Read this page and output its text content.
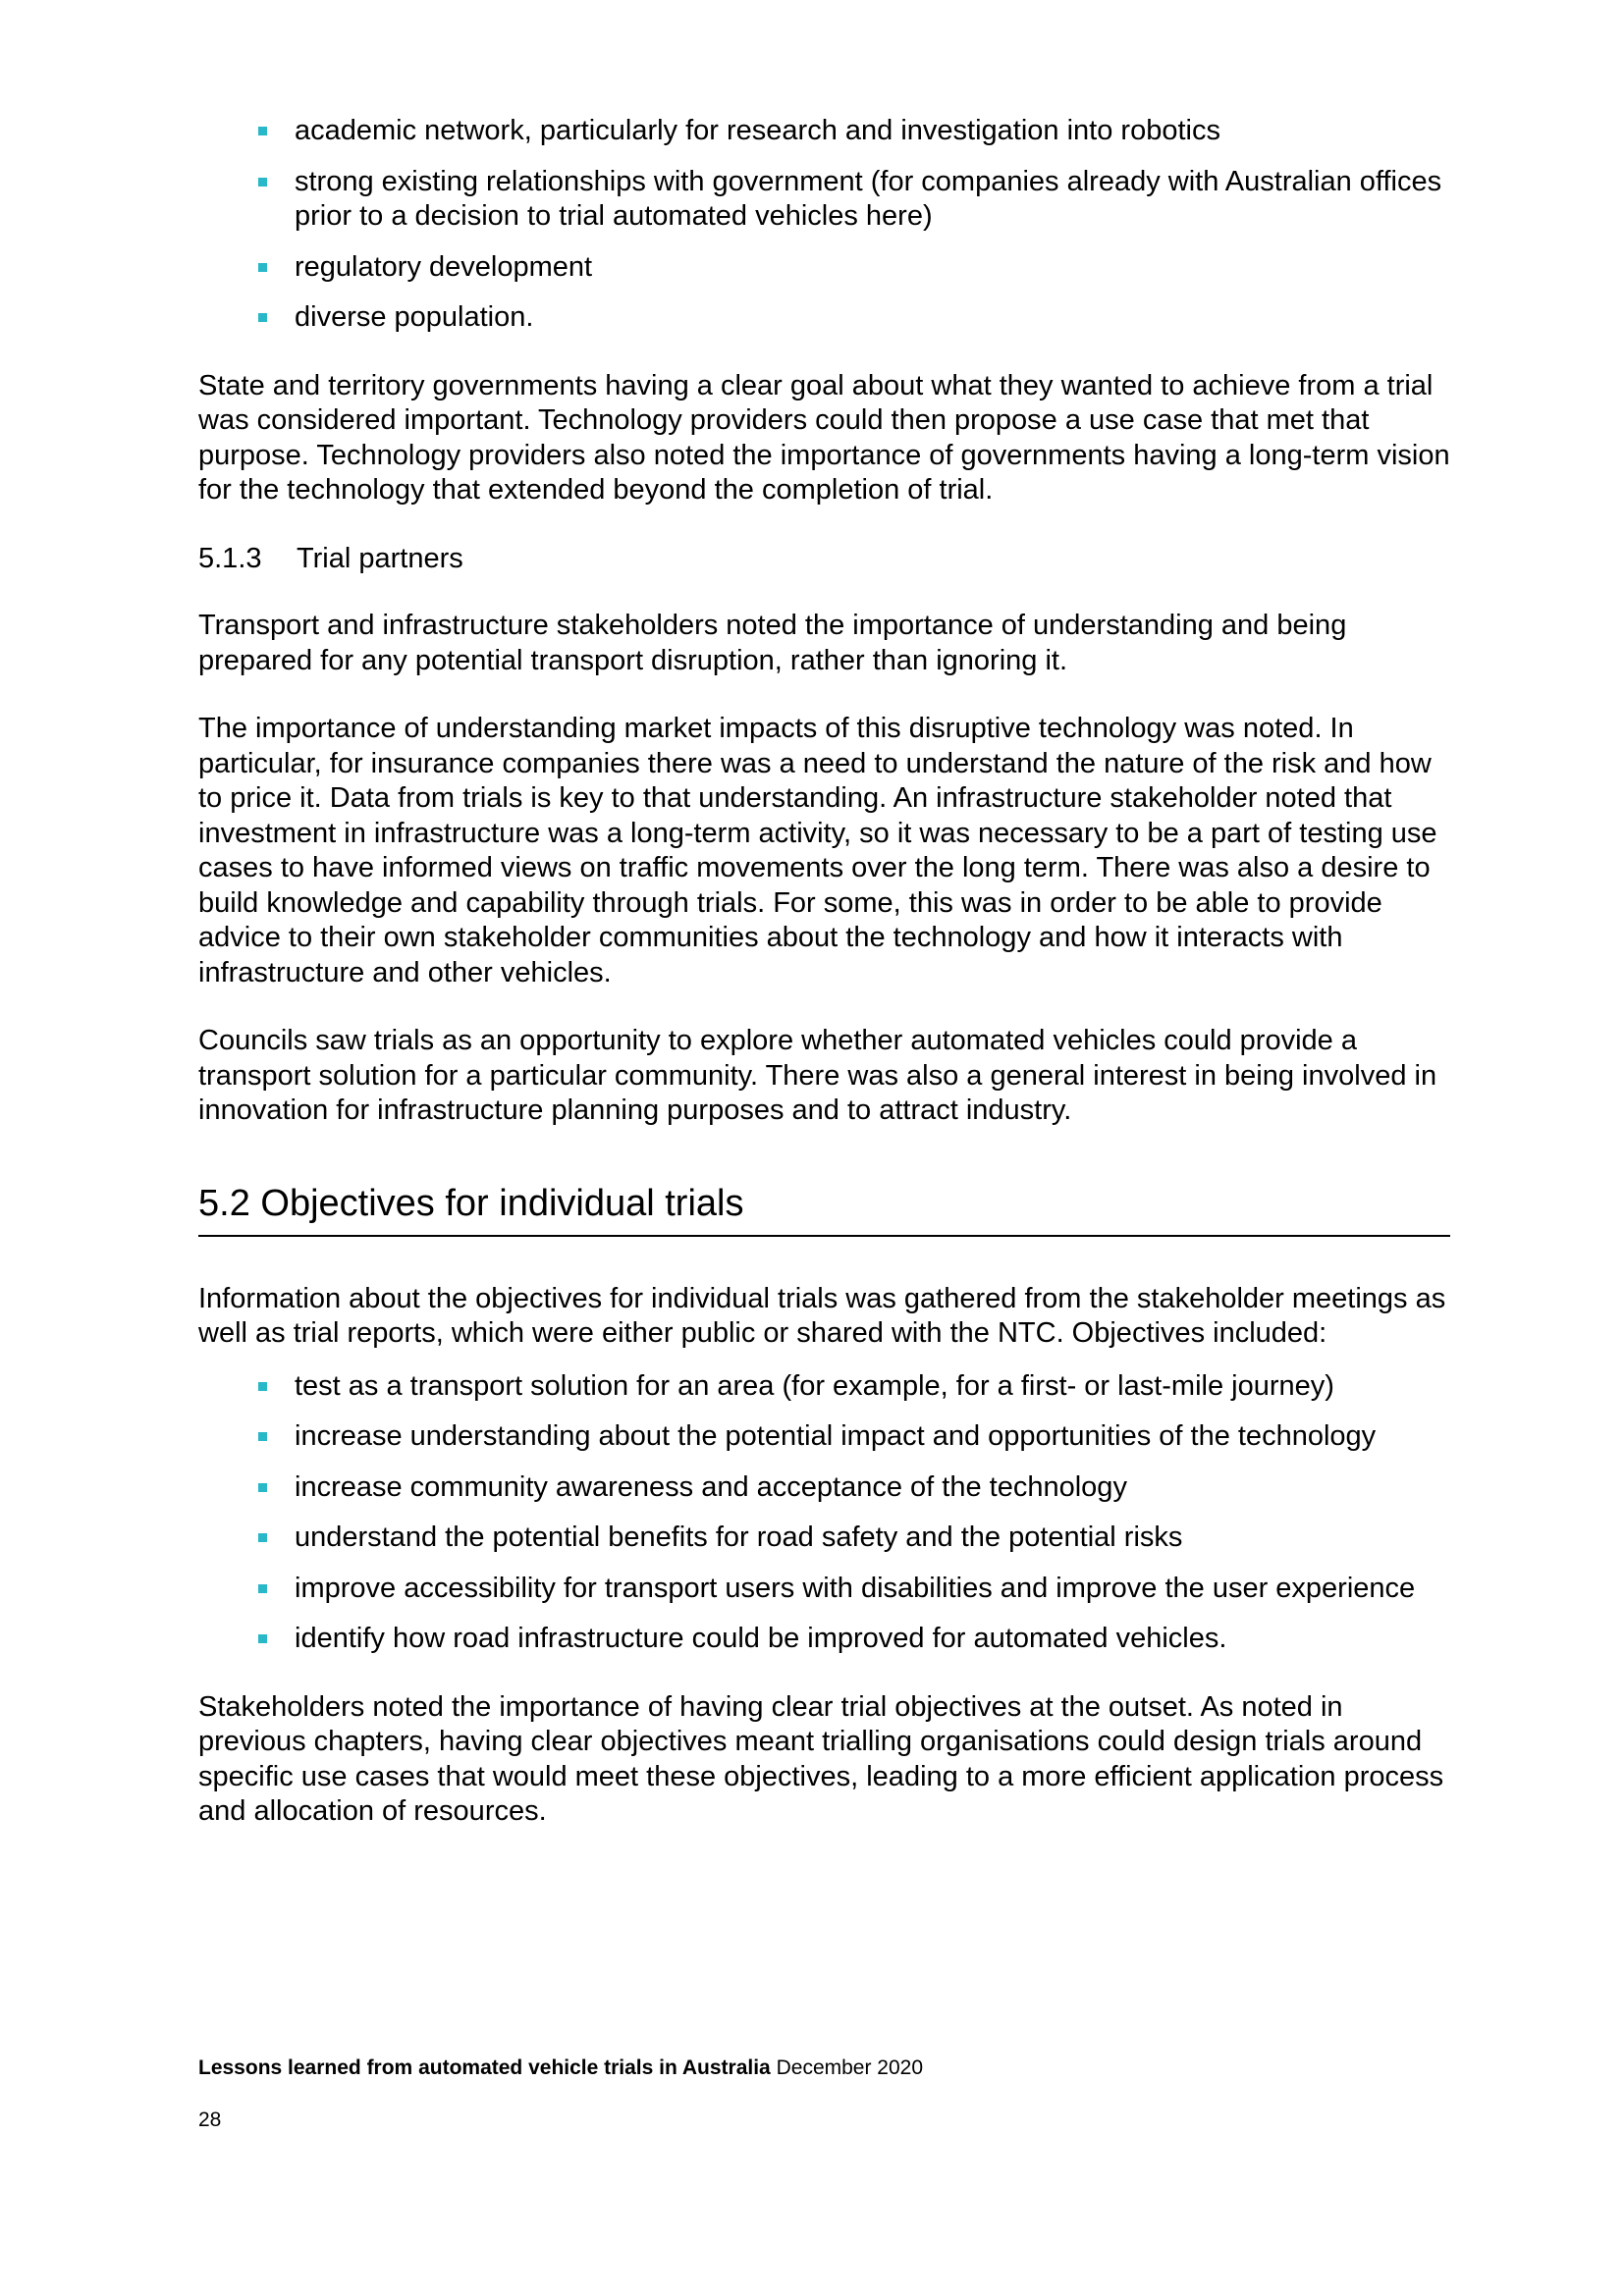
academic network, particularly for research and investigation into robotics
strong existing relationships with government (for companies already with Australian offices prior to a decision to trial automated vehicles here)
regulatory development
diverse population.

State and territory governments having a clear goal about what they wanted to achieve from a trial was considered important. Technology providers could then propose a use case that met that purpose. Technology providers also noted the importance of governments having a long-term vision for the technology that extended beyond the completion of trial.

5.1.3 Trial partners

Transport and infrastructure stakeholders noted the importance of understanding and being prepared for any potential transport disruption, rather than ignoring it.

The importance of understanding market impacts of this disruptive technology was noted. In particular, for insurance companies there was a need to understand the nature of the risk and how to price it. Data from trials is key to that understanding. An infrastructure stakeholder noted that investment in infrastructure was a long-term activity, so it was necessary to be a part of testing use cases to have informed views on traffic movements over the long term. There was also a desire to build knowledge and capability through trials. For some, this was in order to be able to provide advice to their own stakeholder communities about the technology and how it interacts with infrastructure and other vehicles.

Councils saw trials as an opportunity to explore whether automated vehicles could provide a transport solution for a particular community. There was also a general interest in being involved in innovation for infrastructure planning purposes and to attract industry.

5.2 Objectives for individual trials

Information about the objectives for individual trials was gathered from the stakeholder meetings as well as trial reports, which were either public or shared with the NTC. Objectives included:

test as a transport solution for an area (for example, for a first- or last-mile journey)
increase understanding about the potential impact and opportunities of the technology
increase community awareness and acceptance of the technology
understand the potential benefits for road safety and the potential risks
improve accessibility for transport users with disabilities and improve the user experience
identify how road infrastructure could be improved for automated vehicles.

Stakeholders noted the importance of having clear trial objectives at the outset. As noted in previous chapters, having clear objectives meant trialling organisations could design trials around specific use cases that would meet these objectives, leading to a more efficient application process and allocation of resources.

Lessons learned from automated vehicle trials in Australia December 2020
28
